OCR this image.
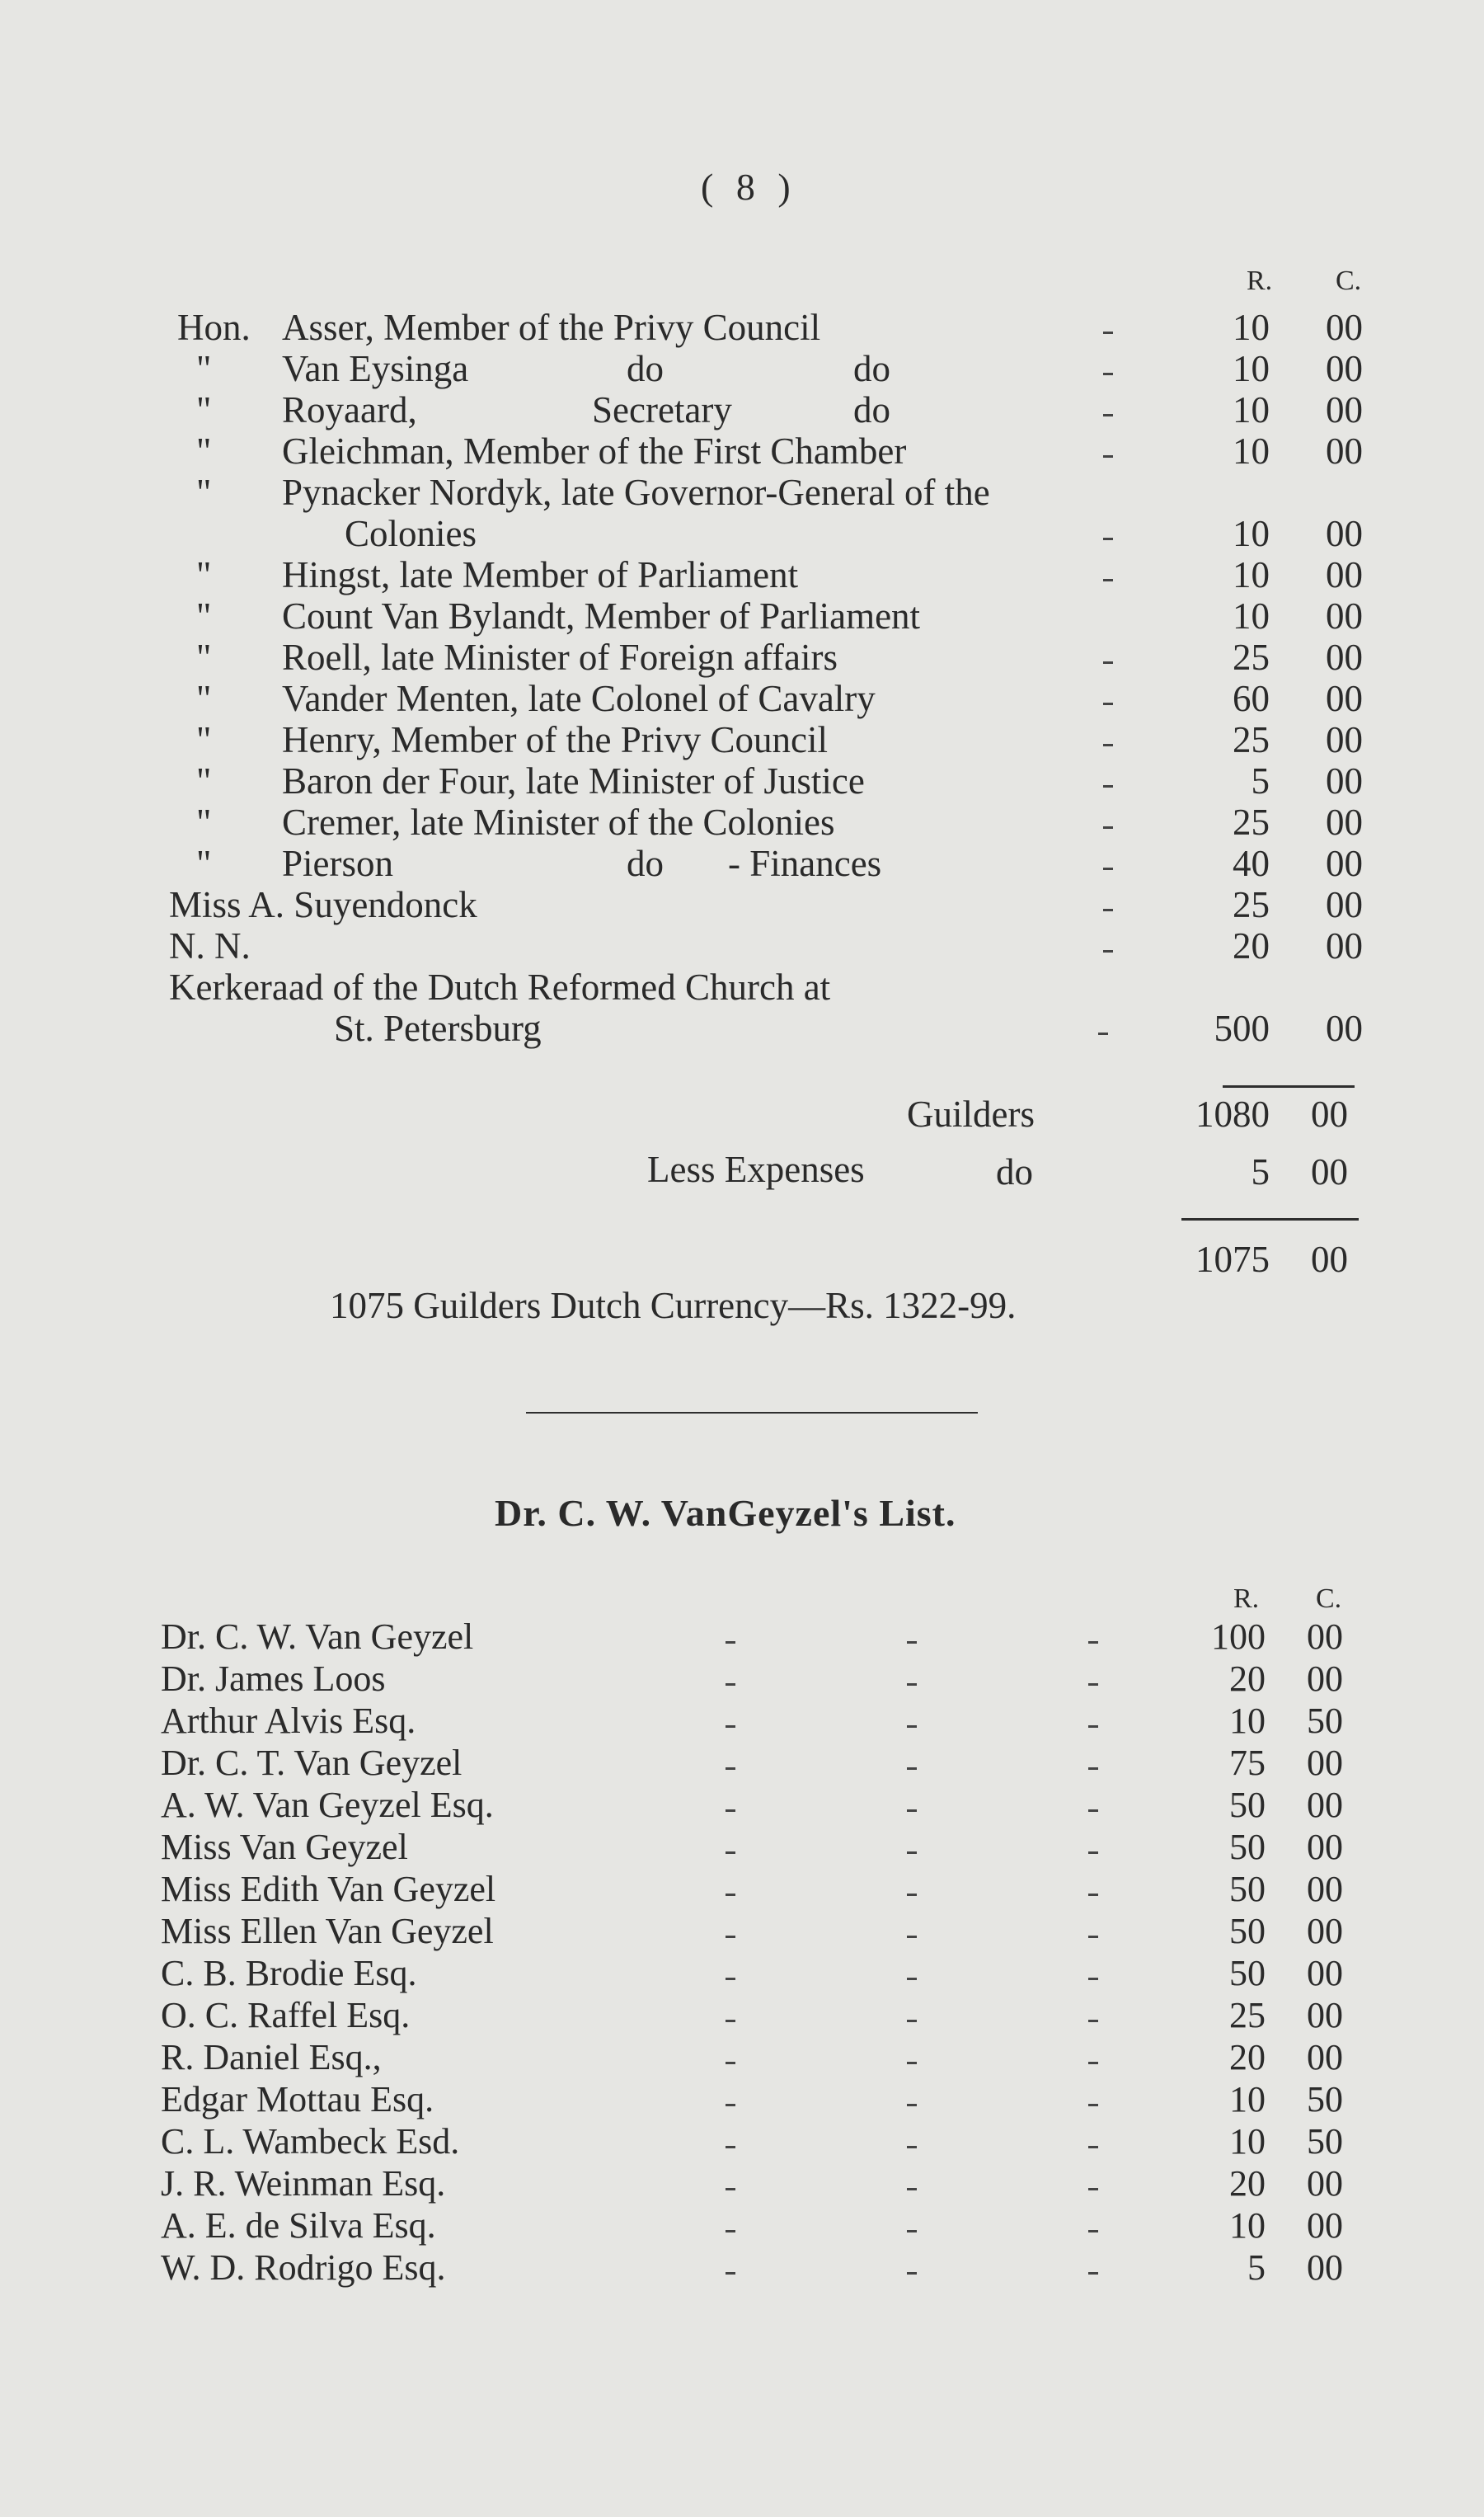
( 8 )
R. C.
Hon. Asser, Member of the Privy Council	10 00
" Van Eysinga	do	do	10 00
" Royaard,	Secretary	do	10 00
" Gleichman, Member of the First Chamber	10 00
" Pynacker Nordyk, late Governor-General of the
Colonies	10 00
" Hingst, late Member of Parliament	10 00
" Count Van Bylandt, Member of Parliament	10 00
" Roell, late Minister of Foreign affairs	25 00
" Vander Menten, late Colonel of Cavalry	60 00
" Henry, Member of the Privy Council	25 00
" Baron der Four, late Minister of Justice	5 00
" Cremer, late Minister of the Colonies	25 00
" Pierson	do - Finances	40 00
Miss A. Suyendonck	25 00
N. N.	20 00
Kerkeraad of the Dutch Reformed Church at
St. Petersburg	500 00
Guilders	1080 00
Less Expenses	do	5 00
1075 00
1075 Guilders Dutch Currency—Rs. 1322-99.
Dr. C. W. VanGeyzel's List.
R. C.
Dr. C. W. Van Geyzel	100 00
Dr. James Loos	20 00
Arthur Alvis Esq.	10 50
Dr. C. T. Van Geyzel	75 00
A. W. Van Geyzel Esq.	50 00
Miss Van Geyzel	50 00
Miss Edith Van Geyzel	50 00
Miss Ellen Van Geyzel	50 00
C. B. Brodie Esq.	50 00
O. C. Raffel Esq.	25 00
R. Daniel Esq.,	20 00
Edgar Mottau Esq.	10 50
C. L. Wambeck Esd.	10 50
J. R. Weinman Esq.	20 00
A. E. de Silva Esq.	10 00
W. D. Rodrigo Esq.	5 00
